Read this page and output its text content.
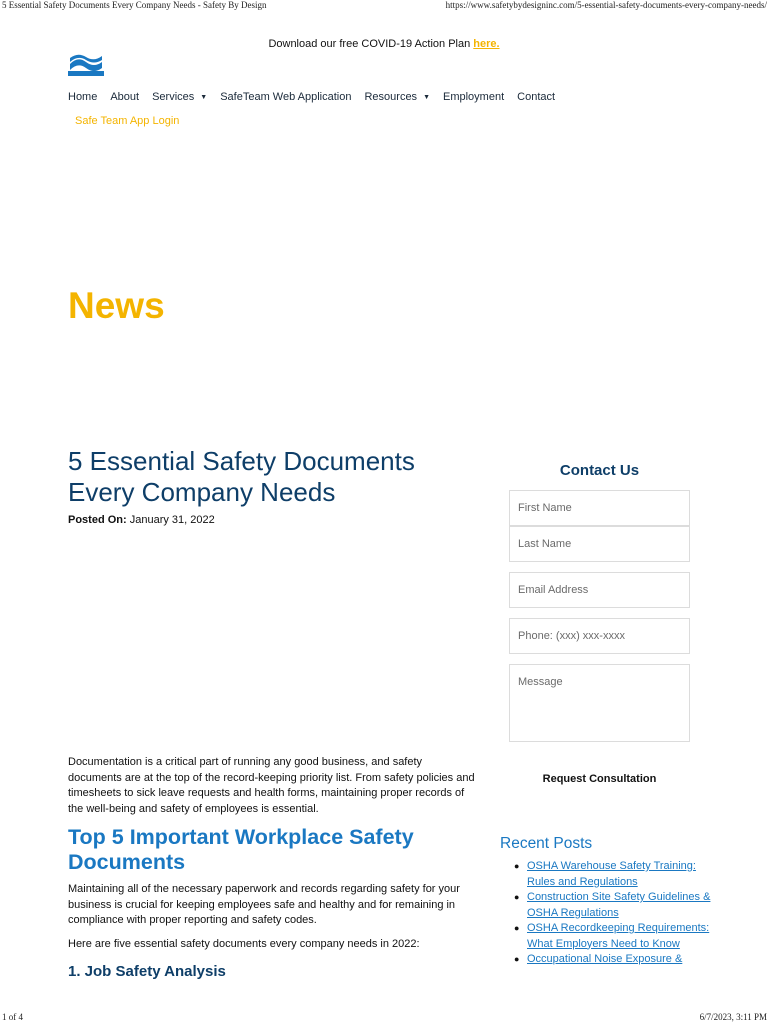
5 Essential Safety Documents Every Company Needs - Safety By Design	https://www.safetybydesigninc.com/5-essential-safety-documents-every-company-needs/
Download our free COVID-19 Action Plan here.
Home About Services ▼ SafeTeam Web Application Resources ▼ Employment Contact
Safe Team App Login
News
5 Essential Safety Documents Every Company Needs
Posted On: January 31, 2022

Documentation is a critical part of running any good business, and safety documents are at the top of the record-keeping priority list. From safety policies and timesheets to sick leave requests and health forms, maintaining proper records of the well-being and safety of employees is essential.

Top 5 Important Workplace Safety Documents

Maintaining all of the necessary paperwork and records regarding safety for your business is crucial for keeping employees safe and healthy and for remaining in compliance with proper reporting and safety codes.

Here are five essential safety documents every company needs in 2022:

1. Job Safety Analysis
Contact Us
First Name
Last Name
Email Address
Phone: (xxx) xxx-xxxx
Message
Request Consultation
Recent Posts
● OSHA Warehouse Safety Training: Rules and Regulations
● Construction Site Safety Guidelines & OSHA Regulations
● OSHA Recordkeeping Requirements: What Employers Need to Know
● Occupational Noise Exposure &
1 of 4	6/7/2023, 3:11 PM
